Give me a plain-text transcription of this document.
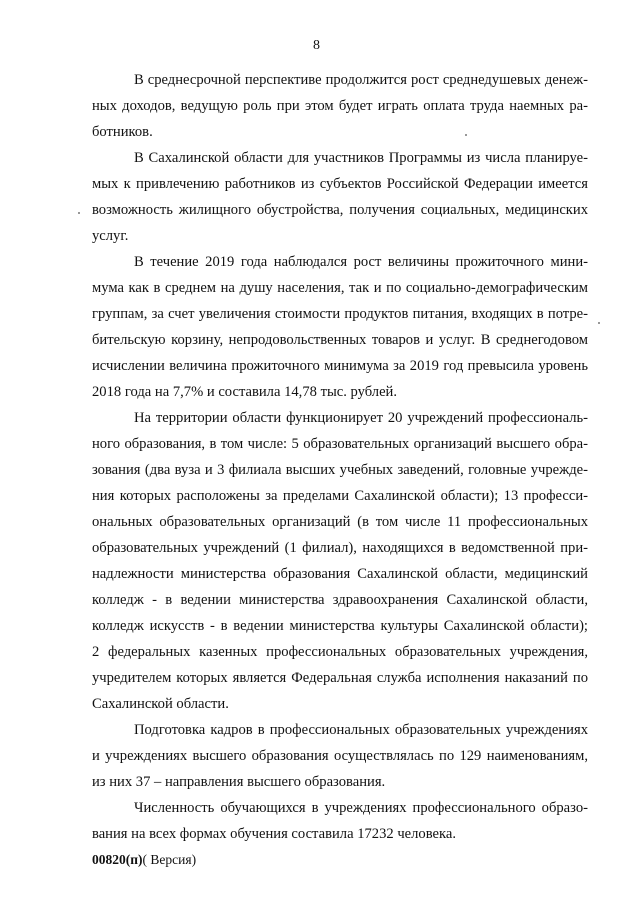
8
В среднесрочной перспективе продолжится рост среднедушевых денеж-
ных доходов, ведущую роль при этом будет играть оплата труда наемных ра-
ботников.
В Сахалинской области для участников Программы из числа планируе-
мых к привлечению работников из субъектов Российской Федерации имеется
возможность жилищного обустройства, получения социальных, медицинских
услуг.
В течение 2019 года наблюдался рост величины прожиточного мини-
мума как в среднем на душу населения, так и по социально-демографическим
группам, за счет увеличения стоимости продуктов питания, входящих в потре-
бительскую корзину, непродовольственных товаров и услуг. В среднегодовом
исчислении величина прожиточного минимума за 2019 год превысила уровень
2018 года на 7,7% и составила 14,78 тыс. рублей.
На территории области функционирует 20 учреждений профессиональ-
ного образования, в том числе: 5 образовательных организаций высшего обра-
зования (два вуза и 3 филиала высших учебных заведений, головные учрежде-
ния которых расположены за пределами Сахалинской области); 13 професси-
ональных образовательных организаций (в том числе 11 профессиональных
образовательных учреждений (1 филиал), находящихся в ведомственной при-
надлежности министерства образования Сахалинской области, медицинский
колледж - в ведении министерства здравоохранения Сахалинской области,
колледж искусств - в ведении министерства культуры Сахалинской области);
2 федеральных казенных профессиональных образовательных учреждения,
учредителем которых является Федеральная служба исполнения наказаний по
Сахалинской области.
Подготовка кадров в профессиональных образовательных учреждениях
и учреждениях высшего образования осуществлялась по 129 наименованиям,
из них 37 – направления высшего образования.
Численность обучающихся в учреждениях профессионального образо-
вания на всех формах обучения составила 17232 человека.
00820(п)( Версия)
